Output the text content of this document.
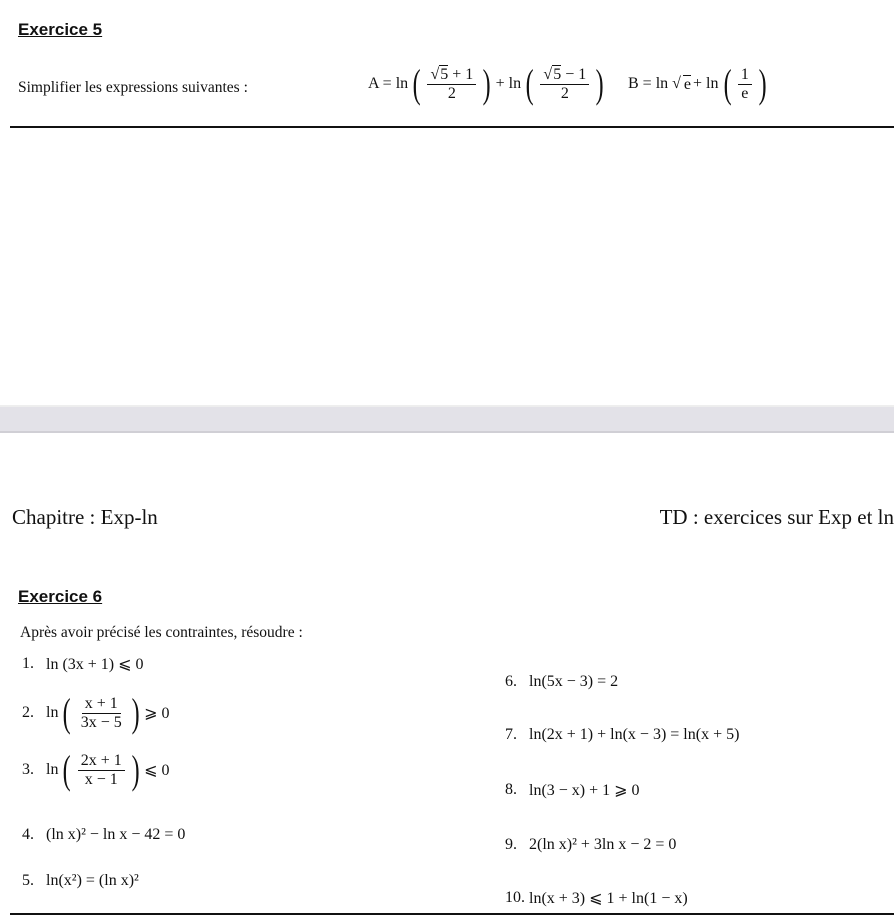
Exercice 5
Simplifier les expressions suivantes :	A = ln ( $\frac{√5 + 1}{2}$ ) + ln ( $\frac{√5 - 1}{2}$ ) B = ln √ e + ln ( $\frac{1}{e}$ )
Chapitre : Exp-ln	TD : exercices sur Exp et ln
Exercice 6
Après avoir précisé les contraintes, résoudre :
1. ln (3x + 1) ⩽ 0
2. ln ( $\frac{x + 1}{3x - 5}$ ) ⩾ 0
3. ln ( $\frac{2x + 1}{x - 1}$ ) ⩽ 0
4. (ln x)² − ln x − 42 = 0
5. ln(x²) = (ln x)²
6. ln(5x − 3) = 2
7. ln(2x + 1) + ln(x − 3) = ln(x + 5)
8. ln(3 − x) + 1 ⩾ 0
9. 2(ln x)² + 3ln x − 2 = 0
10. ln(x + 3) ⩽ 1 + ln(1 − x)
